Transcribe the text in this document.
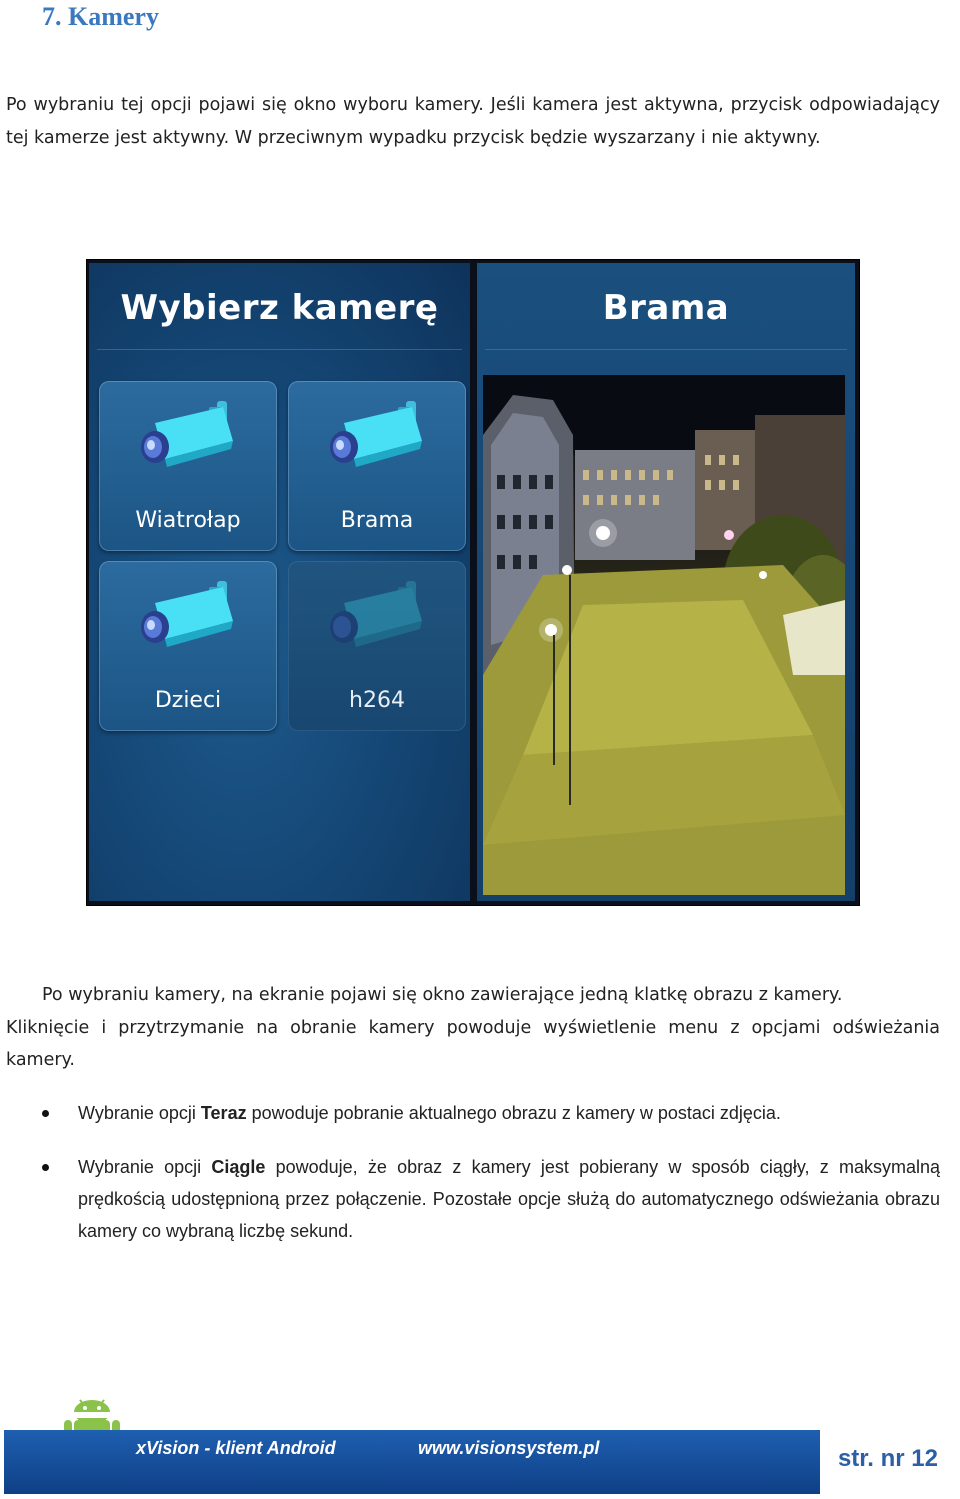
7. Kamery
Po wybraniu tej opcji pojawi się okno wyboru kamery. Jeśli kamera jest aktywna, przycisk odpowiadający tej kamerze jest aktywny. W przeciwnym wypadku przycisk będzie wyszarzany i nie aktywny.
Wybierz kamerę
Wiatrołap	Brama
Dzieci	h264
Brama
Po wybraniu kamery, na ekranie pojawi się okno zawierające jedną klatkę obrazu z kamery.
Kliknięcie i przytrzymanie na obranie kamery powoduje wyświetlenie menu z opcjami odświeżania kamery.
Wybranie opcji Teraz powoduje pobranie aktualnego obrazu z kamery w postaci zdjęcia.
Wybranie opcji Ciągle powoduje, że obraz z kamery jest pobierany w sposób ciągły, z maksymalną prędkością udostępnioną przez połączenie. Pozostałe opcje służą do automatycznego odświeżania obrazu kamery co wybraną liczbę sekund.
xVision - klient Android	www.visionsystem.pl	str. nr 12
